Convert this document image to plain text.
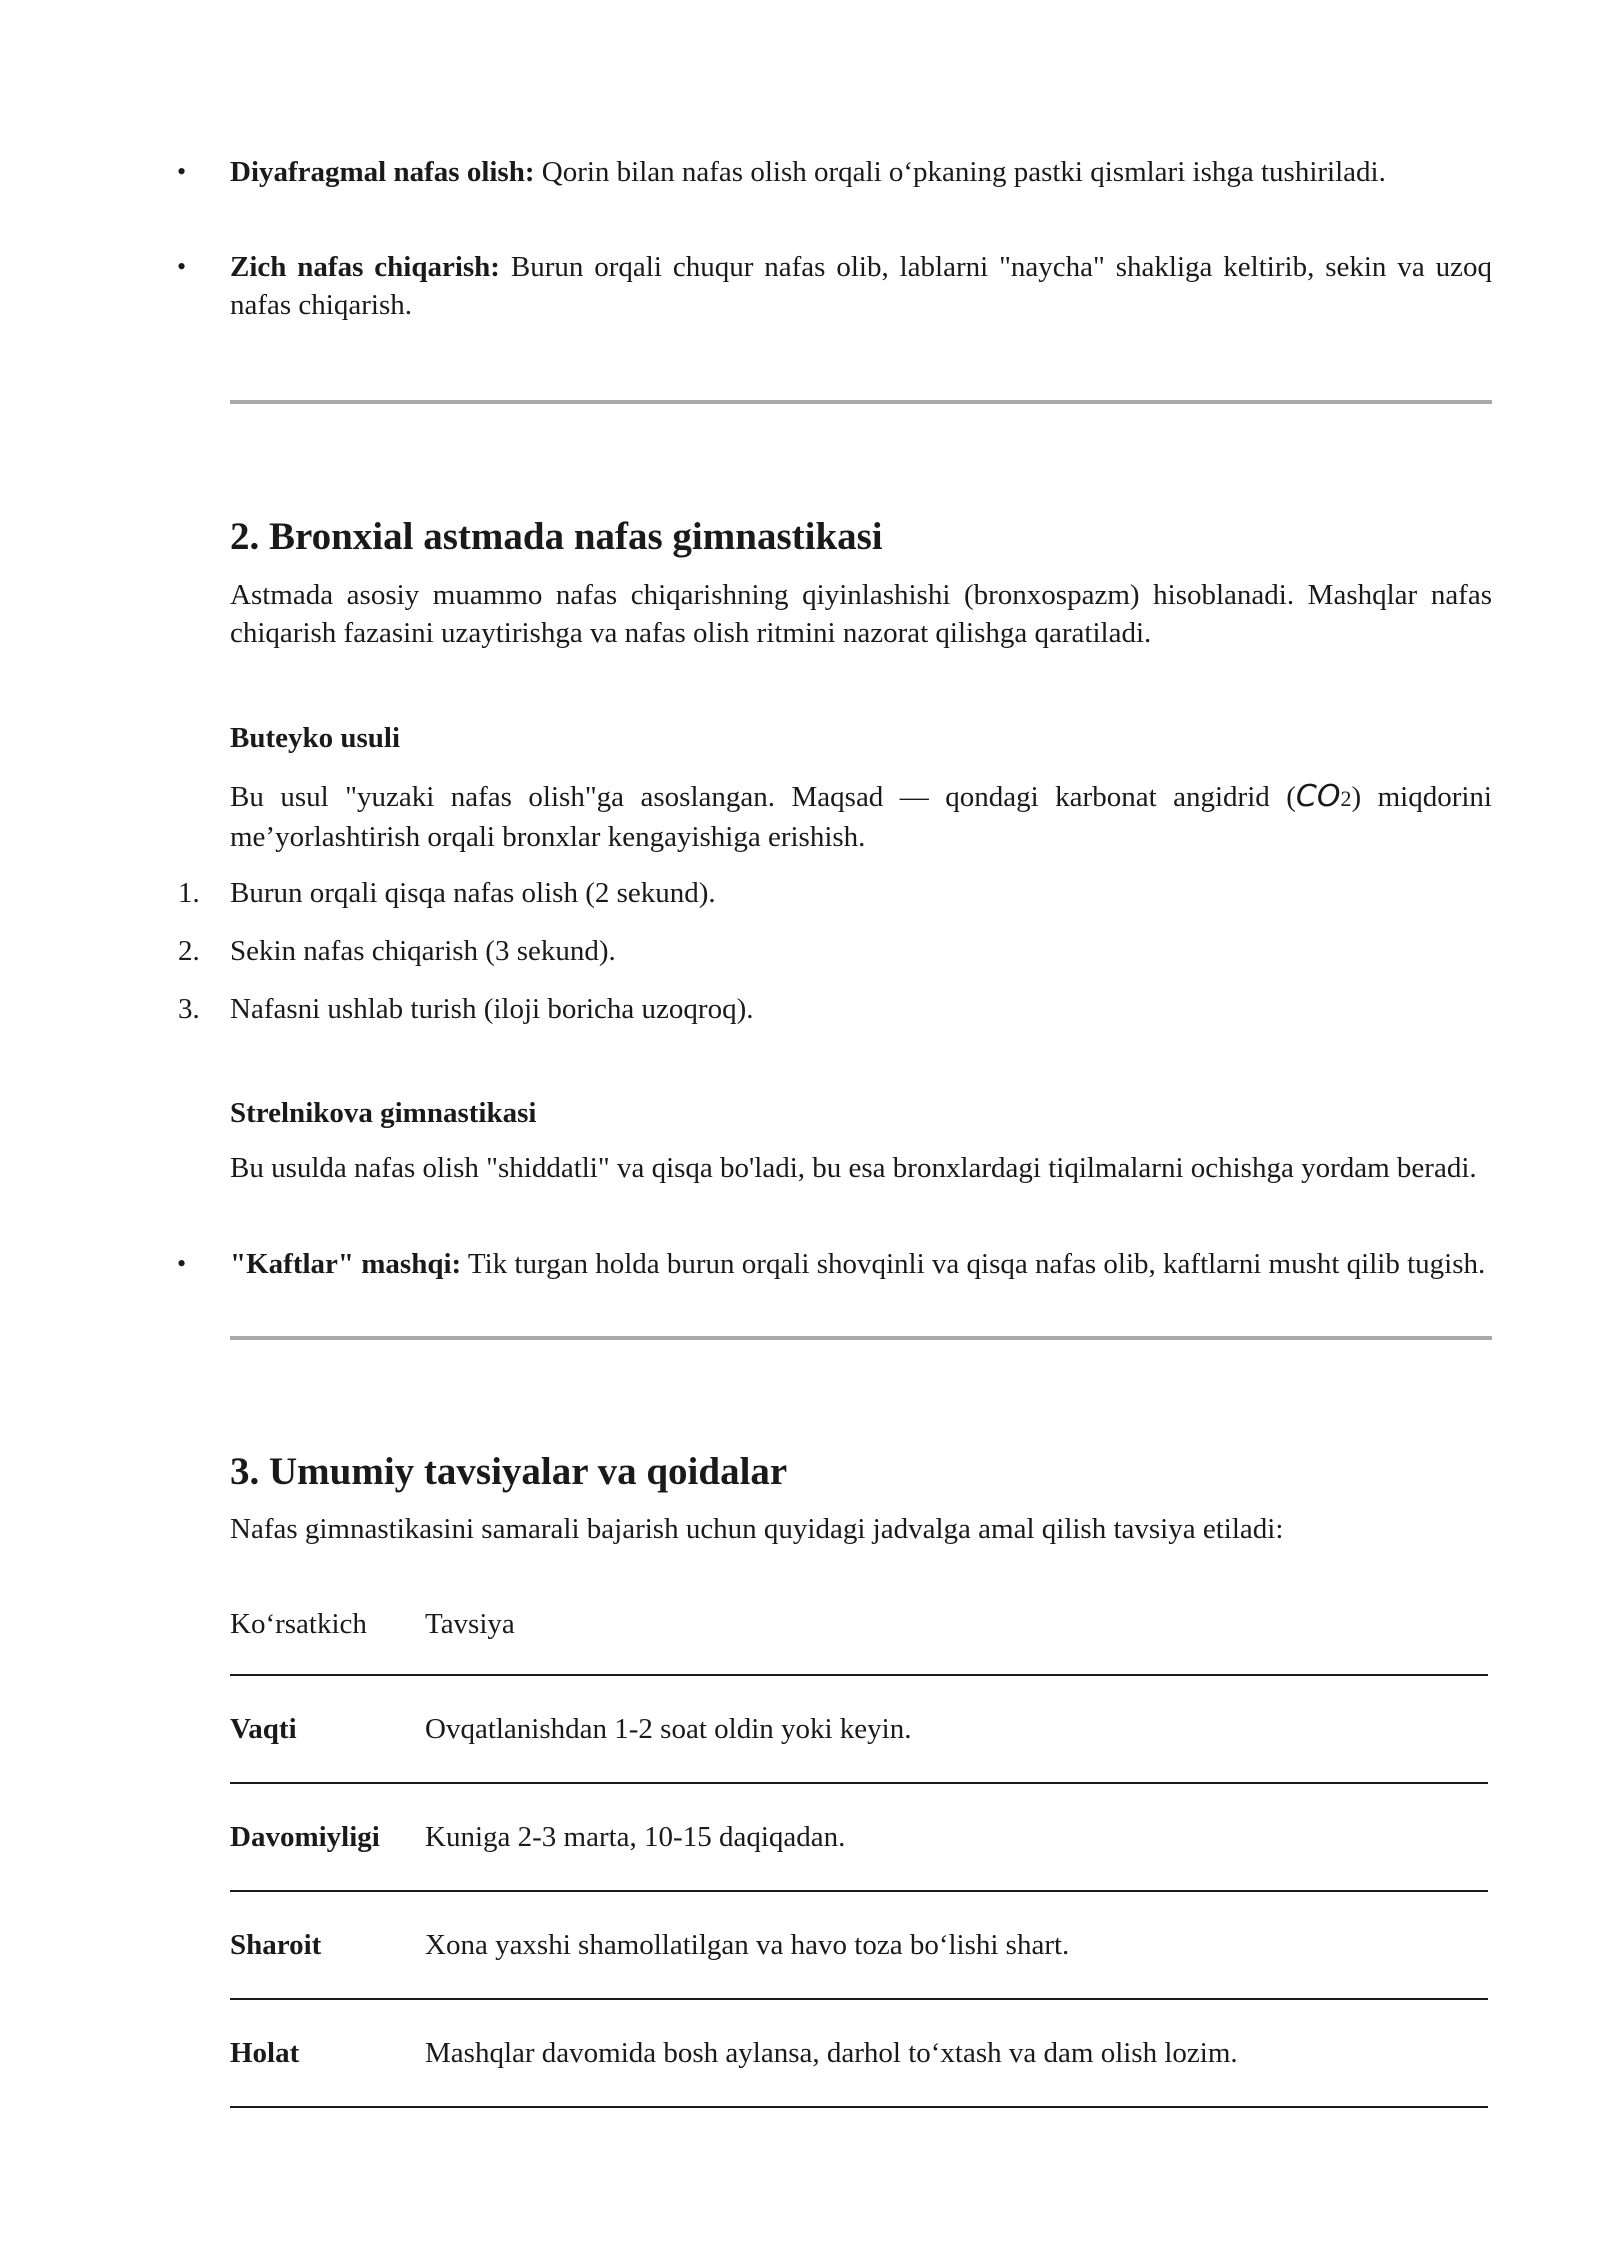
• Diyafragmal nafas olish: Qorin bilan nafas olish orqali oʻpkaning pastki qismlari ishga tushiriladi.
• Zich nafas chiqarish: Burun orqali chuqur nafas olib, lablarni "naycha" shakliga keltirib, sekin va uzoq nafas chiqarish.
2. Bronxial astmada nafas gimnastikasi
Astmada asosiy muammo nafas chiqarishning qiyinlashishi (bronxospazm) hisoblanadi. Mashqlar nafas chiqarish fazasini uzaytirishga va nafas olish ritmini nazorat qilishga qaratiladi.
Buteyko usuli
Bu usul "yuzaki nafas olish"ga asoslangan. Maqsad — qondagi karbonat angidrid (CO2) miqdorini meʼyorlashtirish orqali bronxlar kengayishiga erishish.
1. Burun orqali qisqa nafas olish (2 sekund).
2. Sekin nafas chiqarish (3 sekund).
3. Nafasni ushlab turish (iloji boricha uzoqroq).
Strelnikova gimnastikasi
Bu usulda nafas olish "shiddatli" va qisqa bo'ladi, bu esa bronxlardagi tiqilmalarni ochishga yordam beradi.
• "Kaftlar" mashqi: Tik turgan holda burun orqali shovqinli va qisqa nafas olib, kaftlarni musht qilib tugish.
3. Umumiy tavsiyalar va qoidalar
Nafas gimnastikasini samarali bajarish uchun quyidagi jadvalga amal qilish tavsiya etiladi:
Koʻrsatkich	Tavsiya
Vaqti	Ovqatlanishdan 1-2 soat oldin yoki keyin.
Davomiyligi	Kuniga 2-3 marta, 10-15 daqiqadan.
Sharoit	Xona yaxshi shamollatilgan va havo toza boʻlishi shart.
Holat	Mashqlar davomida bosh aylansa, darhol toʻxtash va dam olish lozim.
